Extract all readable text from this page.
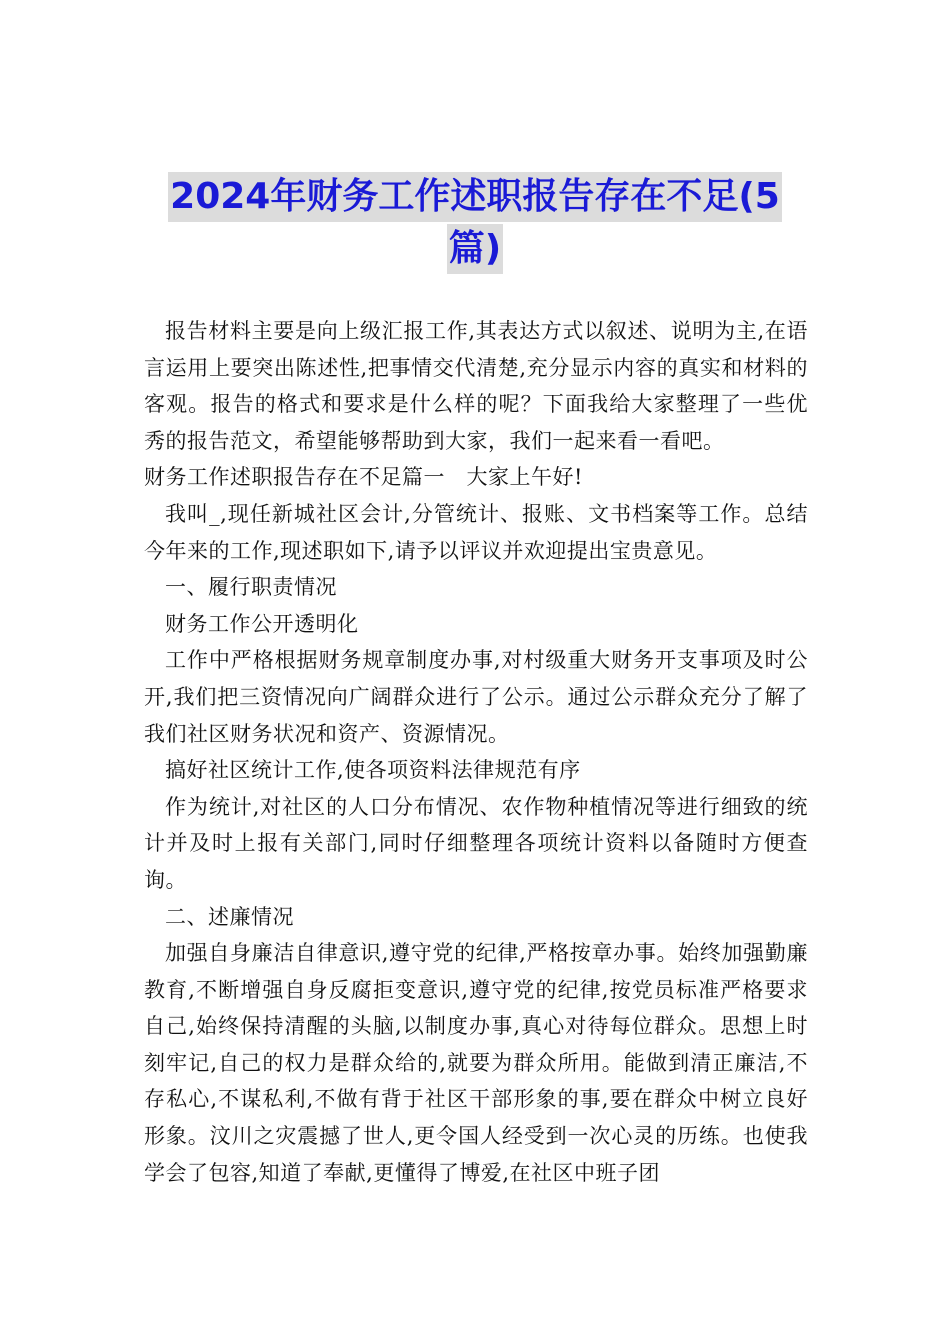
2024年财务工作述职报告存在不足(5
篇)

报告材料主要是向上级汇报工作,其表达方式以叙述、说明为主,在语言运用上要突出陈述性,把事情交代清楚,充分显示内容的真实和材料的客观。报告的格式和要求是什么样的呢？下面我给大家整理了一些优秀的报告范文，希望能够帮助到大家，我们一起来看一看吧。

财务工作述职报告存在不足篇一　大家上午好!

我叫_,现任新城社区会计,分管统计、报账、文书档案等工作。总结今年来的工作,现述职如下,请予以评议并欢迎提出宝贵意见。

一、履行职责情况

财务工作公开透明化

工作中严格根据财务规章制度办事,对村级重大财务开支事项及时公开,我们把三资情况向广阔群众进行了公示。通过公示群众充分了解了我们社区财务状况和资产、资源情况。

搞好社区统计工作,使各项资料法律规范有序

作为统计,对社区的人口分布情况、农作物种植情况等进行细致的统计并及时上报有关部门,同时仔细整理各项统计资料以备随时方便查询。

二、述廉情况

加强自身廉洁自律意识,遵守党的纪律,严格按章办事。始终加强勤廉教育,不断增强自身反腐拒变意识,遵守党的纪律,按党员标准严格要求自己,始终保持清醒的头脑,以制度办事,真心对待每位群众。思想上时刻牢记,自己的权力是群众给的,就要为群众所用。能做到清正廉洁,不存私心,不谋私利,不做有背于社区干部形象的事,要在群众中树立良好形象。汶川之灾震撼了世人,更令国人经受到一次心灵的历练。也使我学会了包容,知道了奉献,更懂得了博爱,在社区中班子团
